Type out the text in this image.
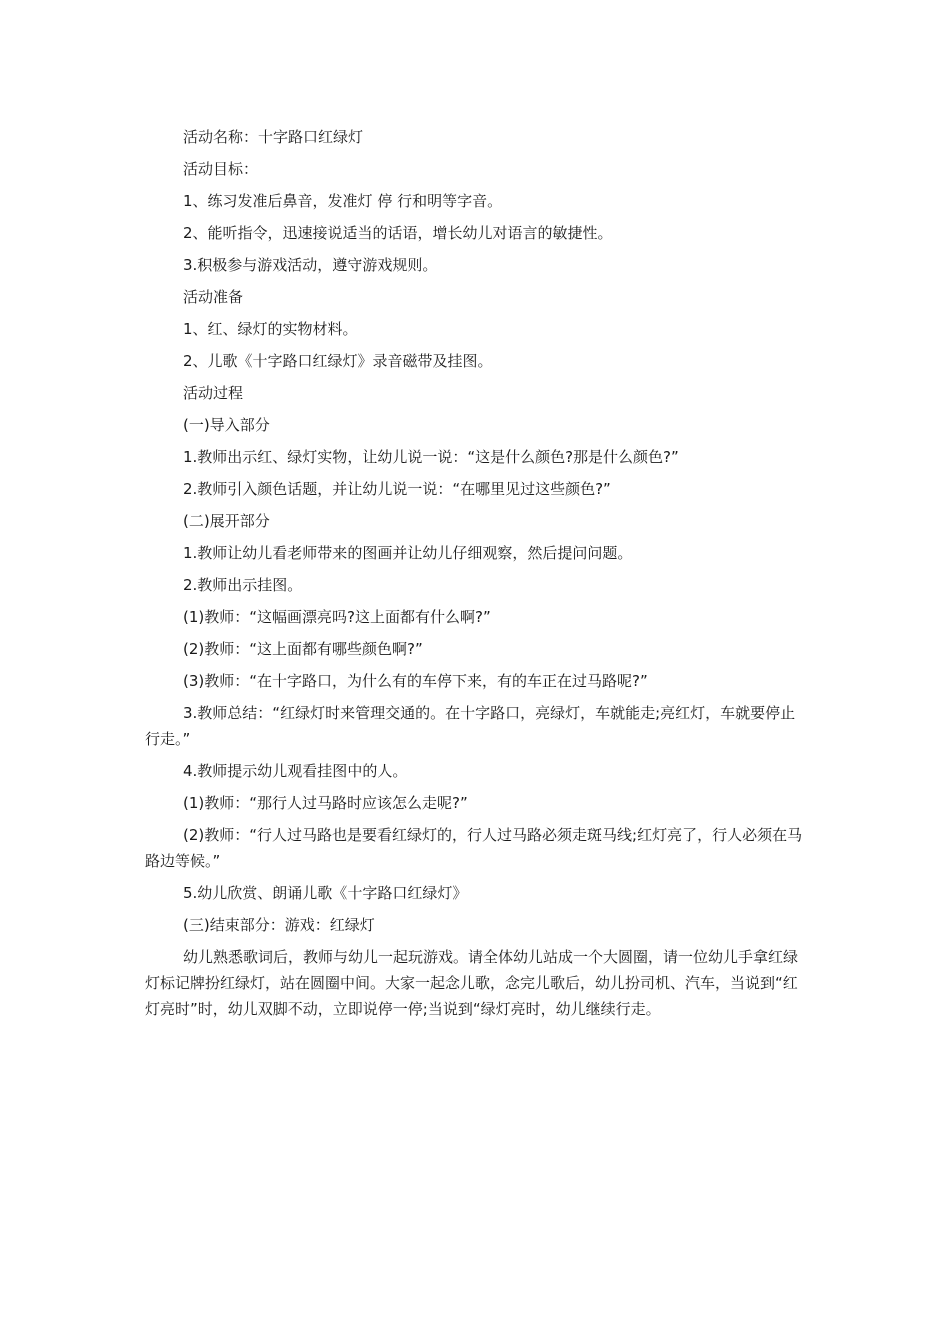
活动名称：十字路口红绿灯

活动目标：

1、练习发准后鼻音，发准灯 停 行和明等字音。

2、能听指令，迅速接说适当的话语，增长幼儿对语言的敏捷性。

3.积极参与游戏活动，遵守游戏规则。

活动准备

1、红、绿灯的实物材料。

2、儿歌《十字路口红绿灯》录音磁带及挂图。

活动过程

(一)导入部分

1.教师出示红、绿灯实物，让幼儿说一说：“这是什么颜色?那是什么颜色?”

2.教师引入颜色话题，并让幼儿说一说：“在哪里见过这些颜色?”

(二)展开部分

1.教师让幼儿看老师带来的图画并让幼儿仔细观察，然后提问问题。

2.教师出示挂图。

(1)教师：“这幅画漂亮吗?这上面都有什么啊?”

(2)教师：“这上面都有哪些颜色啊?”

(3)教师：“在十字路口，为什么有的车停下来，有的车正在过马路呢?”

3.教师总结：“红绿灯时来管理交通的。在十字路口，亮绿灯，车就能走;亮红灯，车就要停止行走。”

4.教师提示幼儿观看挂图中的人。

(1)教师：“那行人过马路时应该怎么走呢?”

(2)教师：“行人过马路也是要看红绿灯的，行人过马路必须走斑马线;红灯亮了，行人必须在马路边等候。”

5.幼儿欣赏、朗诵儿歌《十字路口红绿灯》

(三)结束部分：游戏：红绿灯

幼儿熟悉歌词后，教师与幼儿一起玩游戏。请全体幼儿站成一个大圆圈，请一位幼儿手拿红绿灯标记牌扮红绿灯，站在圆圈中间。大家一起念儿歌，念完儿歌后，幼儿扮司机、汽车，当说到“红灯亮时”时，幼儿双脚不动，立即说停一停;当说到“绿灯亮时，幼儿继续行走。
